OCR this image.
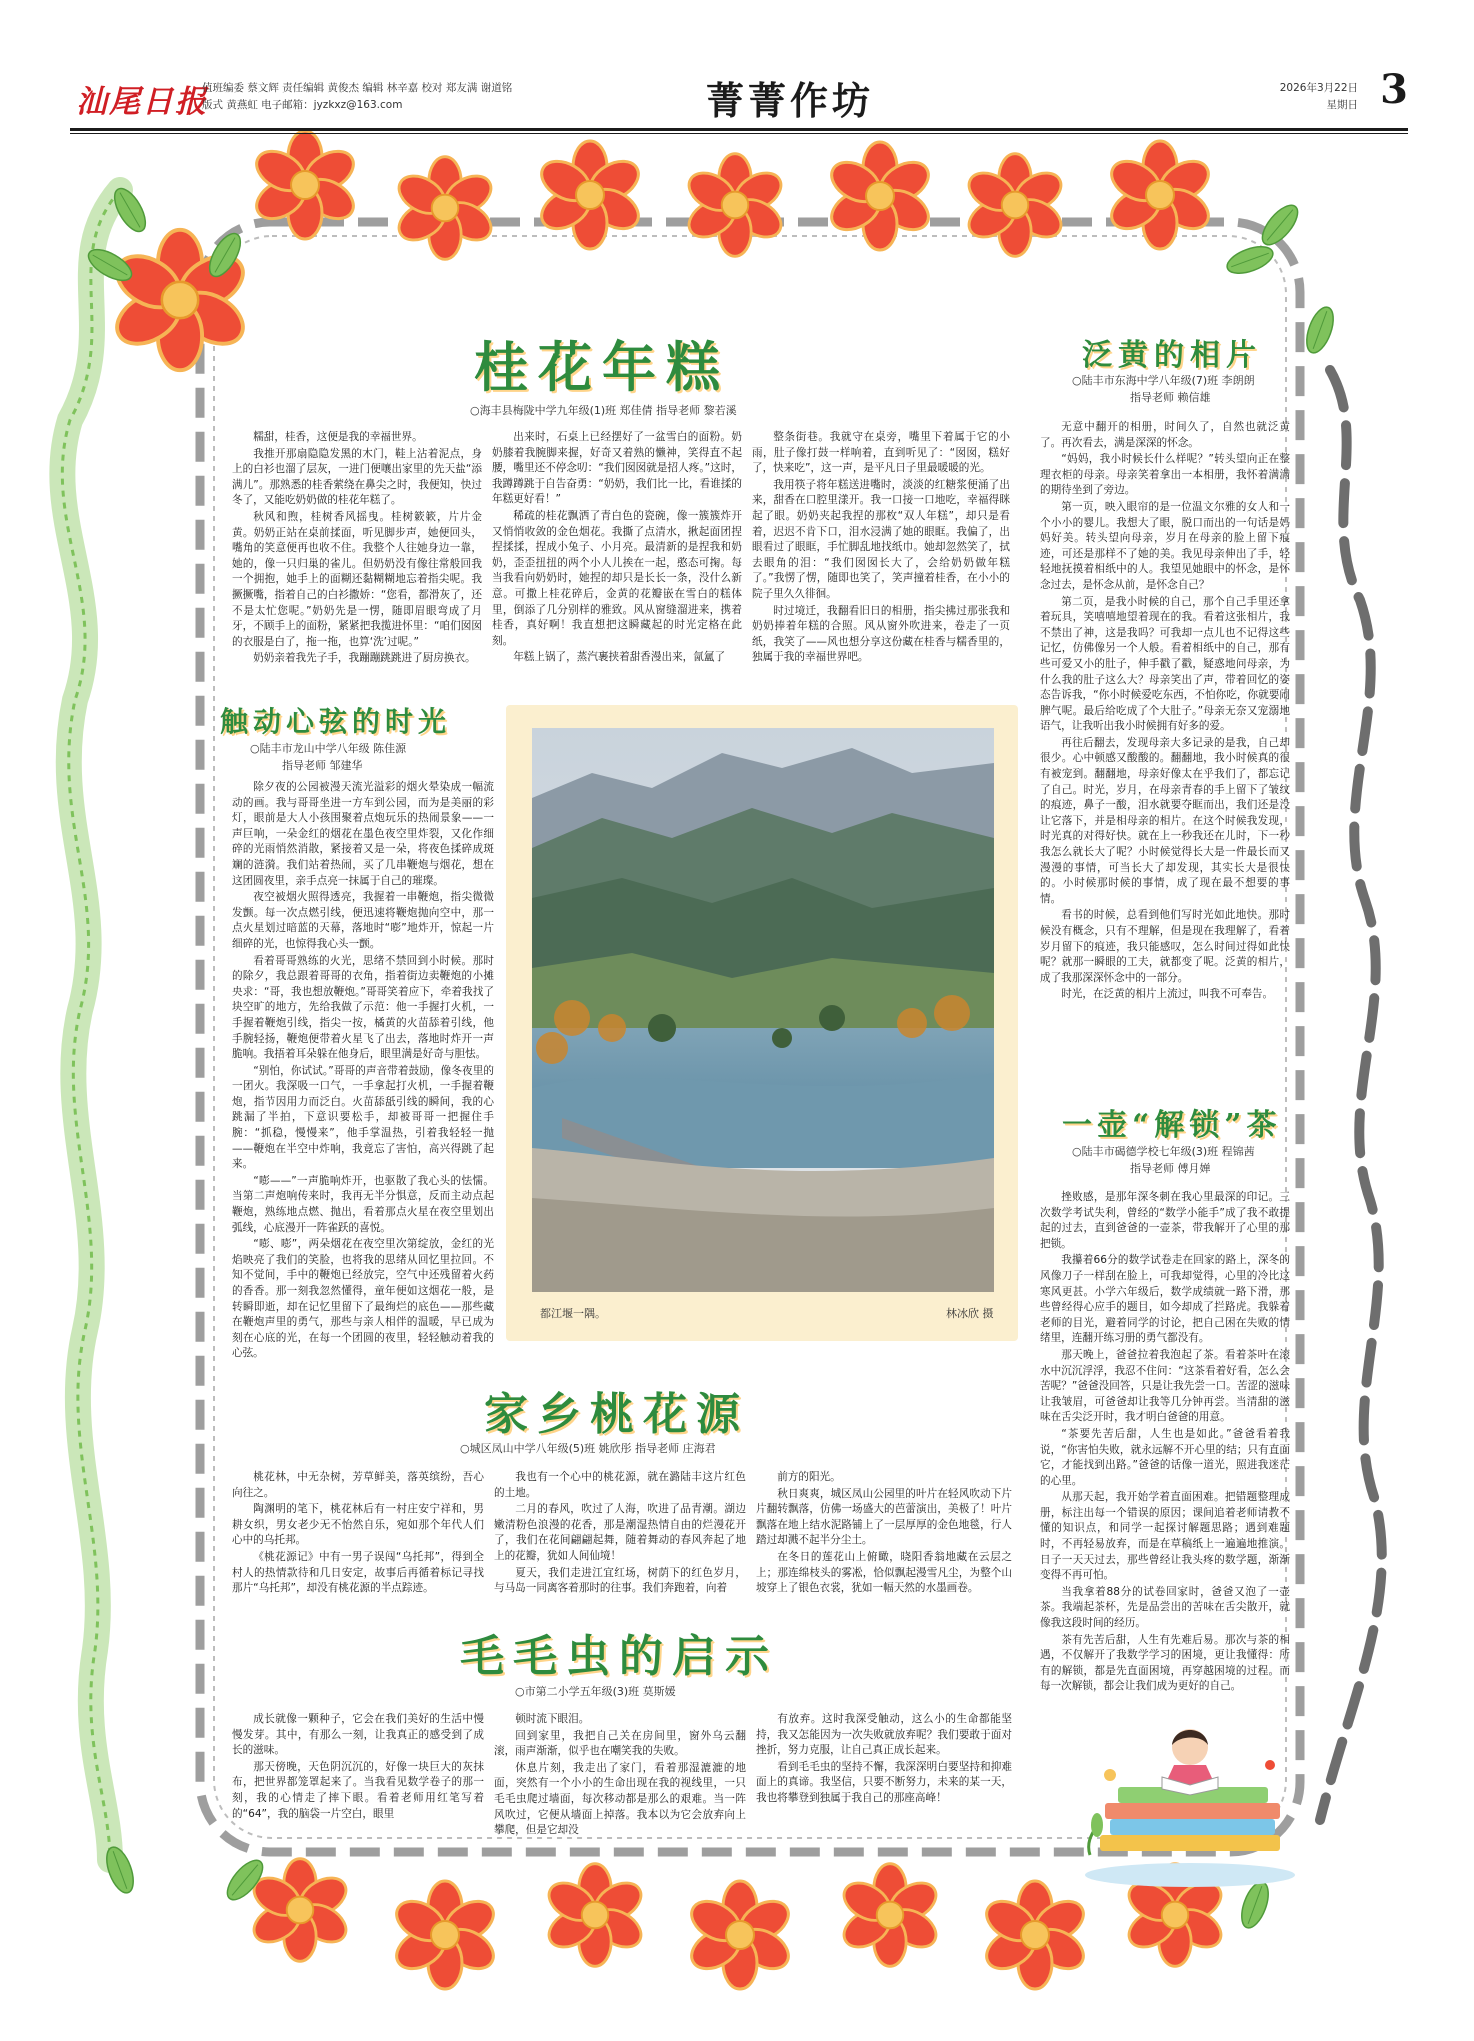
汕尾日报
值班编委 蔡文辉 责任编辑 黄俊杰 编辑 林辛嘉 校对 郑友满 谢道铭
版式 黄燕虹 电子邮箱：jyzkxz@163.com	菁菁作坊	2026年3月22日
星期日 3
桂花年糕
○海丰县梅陇中学九年级(1)班 郑佳倩 指导老师 黎若溪

糯甜，桂香，这便是我的幸福世界。

我推开那扇隐隐发黑的木门，鞋上沾着泥点，身上的白衫也溜了层灰，一进门便嚷出家里的先天盐“添满儿”。那熟悉的桂香萦绕在鼻尖之时，我便知，快过冬了，又能吃奶奶做的桂花年糕了。

秋风和煦，桂树香风摇曳。桂树簌簌，片片金黄。奶奶正站在桌前揉面，听见脚步声，她便回头，嘴角的笑意便再也收不住。我整个人往她身边一靠，她的，像一只归巢的雀儿。但奶奶没有像往常般回我一个拥抱，她手上的面糊还黏糊糊地忘着指尖呢。我撅撅嘴，指着自己的白衫撒娇：“您看，都滑灰了，还不是太忙您呢。”奶奶先是一愣，随即眉眼弯成了月牙，不顾手上的面粉，紧紧把我揽进怀里：“咱们囡囡的衣服是白了，拖一拖，也算‘洗’过呢。”

奶奶亲着我先子手，我蹦蹦跳跳进了厨房换衣。

出来时，石桌上已经摆好了一盆雪白的面粉。奶奶膝着我腕脚来握，好奇又着熟的懒神，笑得直不起腰，嘴里还不停念叨：“我们囡囡就是招人疼。”这时，我蹲蹲跳于自告奋勇：“奶奶，我们比一比，看谁揉的年糕更好看！”

稀疏的桂花飘洒了青白色的瓷碗，像一簇簇炸开又悄悄收敛的金色烟花。我撕了点清水，揪起面团捏捏揉揉，捏成小兔子、小月亮。最清新的是捏我和奶奶，歪歪扭扭的两个小人儿挨在一起，憨态可掬。每当我看向奶奶时，她捏的却只是长长一条，没什么新意。可撒上桂花碎后，金黄的花瓣嵌在雪白的糕体里，倒添了几分别样的雅致。风从窗缝溜进来，携着桂香，真好啊！我直想把这瞬藏起的时光定格在此刻。

年糕上锅了，蒸汽裹挟着甜香漫出来，氤氲了

整条街巷。我就守在桌旁，嘴里下着属于它的小雨，肚子像打鼓一样响着，直到听见了：“囡囡，糕好了，快来吃”，这一声，是平凡日子里最暖暖的光。

我用筷子将年糕送进嘴时，淡淡的红糖浆便涌了出来，甜香在口腔里漾开。我一口接一口地吃，幸福得眯起了眼。奶奶夹起我捏的那枚“双人年糕”，却只是看着，迟迟不肯下口，泪水浸满了她的眼眶。我偏了，出眼看过了眼眶，手忙脚乱地找纸巾。她却忽然笑了，拭去眼角的泪：“我们囡囡长大了，会给奶奶做年糕了。”我愣了愣，随即也笑了，笑声撞着桂香，在小小的院子里久久徘徊。

时过境迁，我翻看旧日的相册，指尖拂过那张我和奶奶捧着年糕的合照。风从窗外吹进来，卷走了一页纸，我笑了——风也想分享这份藏在桂香与糯香里的，独属于我的幸福世界吧。

触动心弦的时光
○陆丰市龙山中学八年级 陈佳源
指导老师 邹建华

除夕夜的公园被漫天流光溢彩的烟火晕染成一幅流动的画。我与哥哥坐进一方车到公园，而为是美丽的彩灯，眼前是大人小孩围聚着点炮玩乐的热闹景象——一声巨响，一朵金红的烟花在墨色夜空里炸裂，又化作细碎的光雨悄然消散，紧接着又是一朵，将夜色揉碎成斑斓的涟漪。我们站着热闹，买了几串鞭炮与烟花，想在这团圆夜里，亲手点亮一抹属于自己的璀璨。

夜空被烟火照得透亮，我握着一串鞭炮，指尖微微发颤。每一次点燃引线，便迅速将鞭炮抛向空中，那一点火星划过暗蓝的天幕，落地时“嘭”地炸开，惊起一片细碎的光，也惊得我心头一颤。

看着哥哥熟练的火光，思绪不禁回到小时候。那时的除夕，我总跟着哥哥的衣角，指着街边卖鞭炮的小摊央求：“哥，我也想放鞭炮。”哥哥笑着应下，牵着我找了块空旷的地方，先给我做了示范：他一手握打火机，一手握着鞭炮引线，指尖一按，橘黄的火苗舔着引线，他手腕轻扬，鞭炮便带着火星飞了出去，落地时炸开一声脆响。我捂着耳朵躲在他身后，眼里满是好奇与胆怯。

“别怕，你试试。”哥哥的声音带着鼓励，像冬夜里的一团火。我深吸一口气，一手拿起打火机，一手握着鞭炮，指节因用力而泛白。火苗舔舐引线的瞬间，我的心跳漏了半拍，下意识要松手，却被哥哥一把握住手腕：“抓稳，慢慢来”，他手掌温热，引着我轻轻一抛——鞭炮在半空中炸响，我竟忘了害怕，高兴得跳了起来。

“嘭——”一声脆响炸开，也驱散了我心头的怯懦。当第二声炮响传来时，我再无半分惧意，反而主动点起鞭炮，熟练地点燃、抛出，看着那点火星在夜空里划出弧线，心底漫开一阵雀跃的喜悦。

“嘭、嘭”，两朵烟花在夜空里次第绽放，金红的光焰映亮了我们的笑脸，也将我的思绪从回忆里拉回。不知不觉间，手中的鞭炮已经放完，空气中还残留着火药的香香。那一刻我忽然懂得，童年便如这烟花一般，是转瞬即逝，却在记忆里留下了最绚烂的底色——那些藏在鞭炮声里的勇气，那些与亲人相伴的温暖，早已成为刻在心底的光，在每一个团圆的夜里，轻轻触动着我的心弦。

都江堰一隅。	林冰欣 摄
泛黄的相片
○陆丰市东海中学八年级(7)班 李朗朗
指导老师 赖信雄

无意中翻开的相册，时间久了，自然也就泛黄了。再次看去，满是深深的怀念。

“妈妈，我小时候长什么样呢？”转头望向正在整理衣柜的母亲。母亲笑着拿出一本相册，我怀着满满的期待坐到了旁边。

第一页，映入眼帘的是一位温文尔雅的女人和一个小小的婴儿。我想大了眼，脱口而出的一句话是妈妈好美。转头望向母亲，岁月在母亲的脸上留下痕迹，可还是那样不了她的美。我见母亲伸出了手，轻轻地抚摸着相纸中的人。我望见她眼中的怀念，是怀念过去，是怀念从前，是怀念自己？

第二页，是我小时候的自己，那个自己手里还拿着玩具，笑嘻嘻地望着现在的我。看着这张相片，我不禁出了神，这是我吗？可我却一点儿也不记得这些记忆，仿佛像另一个人般。看着相纸中的自己，那有些可爱又小的肚子，伸手戳了戳，疑惑地问母亲，为什么我的肚子这么大？母亲笑出了声，带着回忆的姿态告诉我，“你小时候爱吃东西，不怕你吃，你就要闹脾气呢。最后给吃成了个大肚子。”母亲无奈又宠溺地语气，让我听出我小时候拥有好多的爱。

再往后翻去，发现母亲大多记录的是我，自己却很少。心中顿感又酸酸的。翻翻地，我小时候真的很有被宠到。翻翻地，母亲好像太在乎我们了，都忘记了自己。时光，岁月，在母亲青春的手上留下了皱纹的痕迹，鼻子一酸，泪水就要夺眶而出，我们还是没让它落下，并是相母亲的相片。在这个时候我发现，时光真的对得好快。就在上一秒我还在儿时，下一秒我怎么就长大了呢？小时候觉得长大是一件最长而又漫漫的事情，可当长大了却发现，其实长大是很快的。小时候那时候的事情，成了现在最不想要的事情。

看书的时候，总看到他们写时光如此地快。那时候没有概念，只有不理解，但是现在我理解了，看着岁月留下的痕迹，我只能感叹，怎么时间过得如此快呢？就那一瞬眼的工夫，就都变了呢。泛黄的相片，成了我那深深怀念中的一部分。

时光，在泛黄的相片上流过，叫我不可奉告。

一壶“解锁”茶
○陆丰市碣德学校七年级(3)班 程锦茜
指导老师 傅月婵

挫败感，是那年深冬刺在我心里最深的印记。三次数学考试失利，曾经的“数学小能手”成了我不敢提起的过去，直到爸爸的一壶茶，带我解开了心里的那把锁。

我攥着66分的数学试卷走在回家的路上，深冬的风像刀子一样刮在脸上，可我却觉得，心里的冷比这寒风更甚。小学六年级后，数学成绩就一路下滑，那些曾经得心应手的题目，如今却成了拦路虎。我躲着老师的目光，避着同学的讨论，把自己困在失败的情绪里，连翻开练习册的勇气都没有。

那天晚上，爸爸拉着我泡起了茶。看着茶叶在滚水中沉沉浮浮，我忍不住问：“这茶看着好看，怎么会苦呢？”爸爸没回答，只是让我先尝一口。苦涩的滋味让我皱眉，可爸爸却让我等几分钟再尝。当清甜的滋味在舌尖泛开时，我才明白爸爸的用意。

“茶要先苦后甜，人生也是如此。”爸爸看着我说，“你害怕失败，就永远解不开心里的结；只有直面它，才能找到出路。”爸爸的话像一道光，照进我迷茫的心里。

从那天起，我开始学着直面困难。把错题整理成册，标注出每一个错误的原因；课间追着老师请教不懂的知识点，和同学一起探讨解题思路；遇到难题时，不再轻易放弃，而是在草稿纸上一遍遍地推演。日子一天天过去，那些曾经让我头疼的数学题，渐渐变得不再可怕。

当我拿着88分的试卷回家时，爸爸又泡了一壶茶。我端起茶杯，先是品尝出的苦味在舌尖散开，就像我这段时间的经历。

茶有先苦后甜，人生有先难后易。那次与茶的相遇，不仅解开了我数学学习的困境，更让我懂得：所有的解锁，都是先直面困境，再穿越困境的过程。而每一次解锁，都会让我们成为更好的自己。

家乡桃花源
○城区凤山中学八年级(5)班 姚欣彤 指导老师 庄海君

桃花林，中无杂树，芳草鲜美，落英缤纷，吾心向往之。

陶渊明的笔下，桃花林后有一村庄安宁祥和，男耕女织，男女老少无不怡然自乐，宛如那个年代人们心中的乌托邦。

《桃花源记》中有一男子误闯“乌托邦”，得到全村人的热情款待和几日安定，故事后再循着标记寻找那片“乌托邦”，却没有桃花源的半点踪迹。

我也有一个心中的桃花源，就在潞陆丰这片红色的土地。

二月的春风，吹过了人海，吹进了品青潮。湖边嫩清粉色浪漫的花香，那是潮湿热情自由的烂漫花开了，我们在花间翩翩起舞，随着舞动的春风奔起了地上的花瓣，犹如人间仙境！

夏天，我们走进江宜红场，树荫下的红色岁月，与马岛一同离客着那时的往事。我们奔跑着，向着

前方的阳光。

秋日爽爽，城区凤山公园里的叶片在轻风吹动下片片翻转飘落，仿佛一场盛大的芭蕾演出，美极了！叶片飘落在地上结水泥路铺上了一层厚厚的金色地毯，行人踏过却溅不起半分尘土。

在冬日的莲花山上俯瞰，晓阳香翁地藏在云层之上；那连绵枝头的雾凇，恰似飘起漫雪凡尘，为整个山坡穿上了银色衣裳，犹如一幅天然的水墨画卷。

毛毛虫的启示
○市第二小学五年级(3)班 莫斯媛

成长就像一颗种子，它会在我们美好的生活中慢慢发芽。其中，有那么一刻，让我真正的感受到了成长的滋味。

那天傍晚，天色阴沉沉的，好像一块巨大的灰抹布，把世界都笼罩起来了。当我看见数学卷子的那一刻，我的心情走了摔下眼。看着老师用红笔写着的“64”，我的脑袋一片空白，眼里

顿时流下眼泪。

回到家里，我把自己关在房间里，窗外乌云翻滚，雨声渐渐，似乎也在嘲笑我的失败。

休息片刻，我走出了家门，看着那湿漉漉的地面，突然有一个小小的生命出现在我的视线里，一只毛毛虫爬过墙面，每次移动都是那么的艰难。当一阵风吹过，它便从墙面上掉落。我本以为它会放弃向上攀爬，但是它却没

有放弃。这时我深受触动，这么小的生命都能坚持，我又怎能因为一次失败就放弃呢？我们要敢于面对挫折，努力克服，让自己真正成长起来。

看到毛毛虫的坚持不懈，我深深明白要坚持和抑难面上的真谛。我坚信，只要不断努力，未来的某一天，我也将攀登到独属于我自己的那座高峰！
